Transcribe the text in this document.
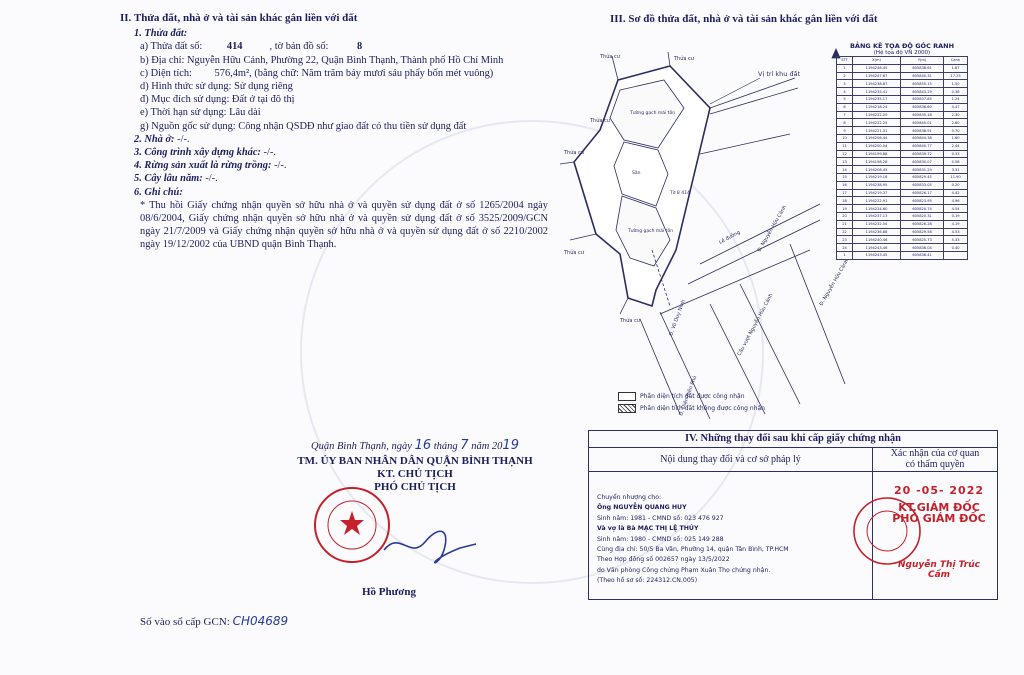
II. Thửa đất, nhà ở và tài sản khác gắn liền với đất
1. Thửa đất:
a) Thửa đất số: 414	, tờ bản đồ số:	8
b) Địa chỉ: Nguyễn Hữu Cảnh, Phường 22, Quận Bình Thạnh, Thành phố Hồ Chí Minh
c) Diện tích: 576,4m², (bằng chữ: Năm trăm bảy mươi sáu phẩy bốn mét vuông)
d) Hình thức sử dụng: Sử dụng riêng
đ) Mục đích sử dụng: Đất ở tại đô thị
e) Thời hạn sử dụng: Lâu dài
g) Nguồn gốc sử dụng: Công nhận QSDĐ như giao đất có thu tiền sử dụng đất
2. Nhà ở: -/-.
3. Công trình xây dựng khác: -/-.
4. Rừng sản xuất là rừng trồng: -/-.
5. Cây lâu năm: -/-.
6. Ghi chú:
* Thu hồi Giấy chứng nhận quyền sở hữu nhà ở và quyền sử dụng đất ở số 1265/2004 ngày 08/6/2004, Giấy chứng nhận quyền sở hữu nhà ở và quyền sử dụng đất ở số 3525/2009/GCN ngày 21/7/2009 và Giấy chứng nhận quyền sở hữu nhà ở và quyền sử dụng đất ở số 2210/2002 ngày 19/12/2002 của UBND quận Bình Thạnh.
III. Sơ đồ thửa đất, nhà ở và tài sản khác gắn liền với đất
Vị trí khu đất
Tường gạch mái tôn
Sân
Tường gạch mái tôn
Thửa cư
Thửa cư
Thửa cư	Thửa cư
Thửa cư
Thửa cư
Tờ 8 414
Lề đường	Đ. Nguyễn Hữu Cảnh
Đ. Nguyễn Hữu Cảnh
Cầu vượt Nguyễn Hữu Cảnh
Đ. Điện Biên Phủ
Đ. Võ Duy Ninh
BẢNG KÊ TỌA ĐỘ GÓC RANH
(Hệ tọa độ VN 2000)
STT	X(m)	Y(m)	Cạnh
1	1194248.45	605838.61	1.87
2	1194247.67	605840.31	17.25
3	1194238.87	605855.15	1.50
4	1194235.41	605843.29	0.38
5	1194235.17	605837.85	1.24
6	1194218.24	605836.60	4.47
7	1194222.20	605835.18	2.30
8	1194222.25	605845.01	2.80
9	1194221.31	605838.91	0.70
10	1194206.44	605844.38	1.60
11	1194200.04	605840.77	2.44
12	1194199.88	605839.72	0.33
13	1194198.28	605830.07	0.58
14	1194208.45	605831.29	3.31
15	1194219.16	605829.45	11.90
16	1194238.95	605833.05	0.20
17	1194219.37	605826.17	4.42
18	1194222.91	605823.95	4.96
19	1194224.60	605820.74	4.54
20	1194237.13	605820.31	0.19
21	1194232.54	605826.28	4.19
22	1194236.88	605829.58	4.53
23	1194240.46	605825.73	5.33
24	1194243.46	605836.04	0.40
1	1194243.45	605836.41	
Phần diện tích đất được công nhận
Phần diện tích đất không được công nhận
Quận Bình Thạnh, ngày 16 tháng 7 năm 2019
TM. ỦY BAN NHÂN DÂN QUẬN BÌNH THẠNH
KT. CHỦ TỊCH
PHÓ CHỦ TỊCH
Hồ Phương
Số vào sổ cấp GCN: CH04689
IV. Những thay đổi sau khi cấp giấy chứng nhận
Nội dung thay đổi và cơ sở pháp lý
Xác nhận của cơ quan
có thẩm quyền
Chuyển nhượng cho:
Ông NGUYỄN QUANG HUY
Sinh năm: 1981 - CMND số: 023 476 927
Và vợ là Bà MẠC THỊ LỆ THÚY
Sinh năm: 1980 - CMND số: 025 149 288
Cùng địa chỉ: 50/5 Ba Vân, Phường 14, quận Tân Bình, TP.HCM
Theo Hợp đồng số 002657 ngày 13/5/2022
do Văn phòng Công chứng Phạm Xuân Thọ chứng nhận.
(Theo hồ sơ số: 224312.CN.005)
20 -05- 2022
KT.GIÁM ĐỐC
PHÓ GIÁM ĐỐC
Nguyễn Thị Trúc Cầm
